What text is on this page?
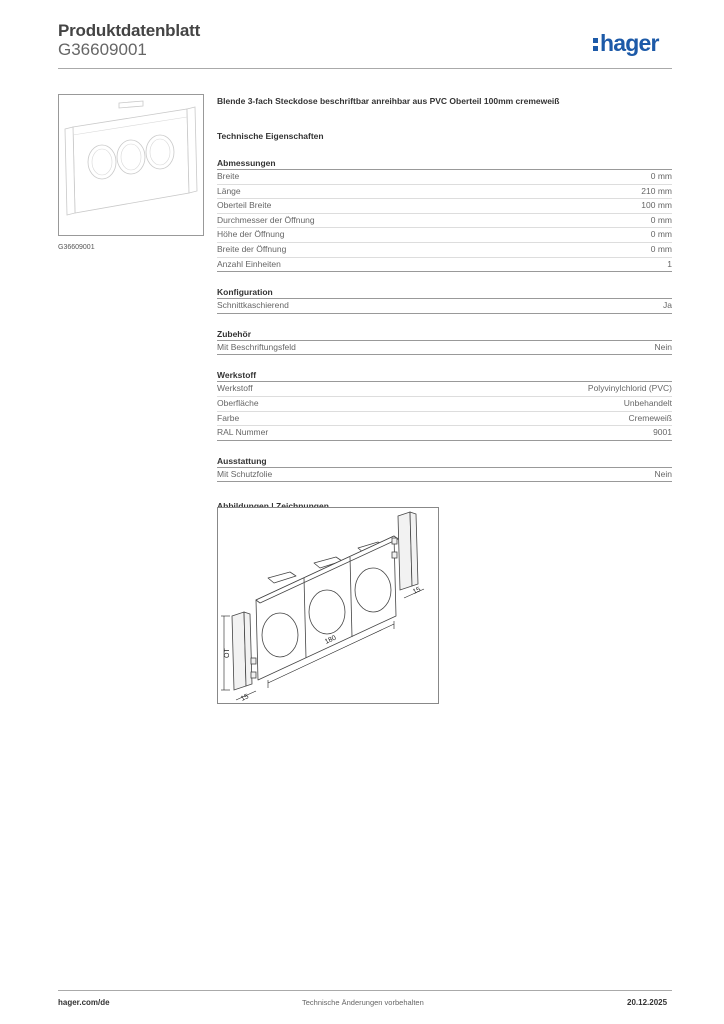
Produktdatenblatt
G36609001	hager
G36609001
Blende 3-fach Steckdose beschriftbar anreihbar aus PVC Oberteil 100mm cremeweiß
Technische Eigenschaften
Abmessungen
Breite	0 mm
Länge	210 mm
Oberteil Breite	100 mm
Durchmesser der Öffnung	0 mm
Höhe der Öffnung	0 mm
Breite der Öffnung	0 mm
Anzahl Einheiten	1
Konfiguration
Schnittkaschierend	Ja
Zubehör
Mit Beschriftungsfeld	Nein
Werkstoff
Werkstoff	Polyvinylchlorid (PVC)
Oberfläche	Unbehandelt
Farbe	Cremeweiß
RAL Nummer	9001
Ausstattung
Mit Schutzfolie	Nein
OT
180
15
15
hager.com/de	Technische Änderungen vorbehalten	20.12.2025
